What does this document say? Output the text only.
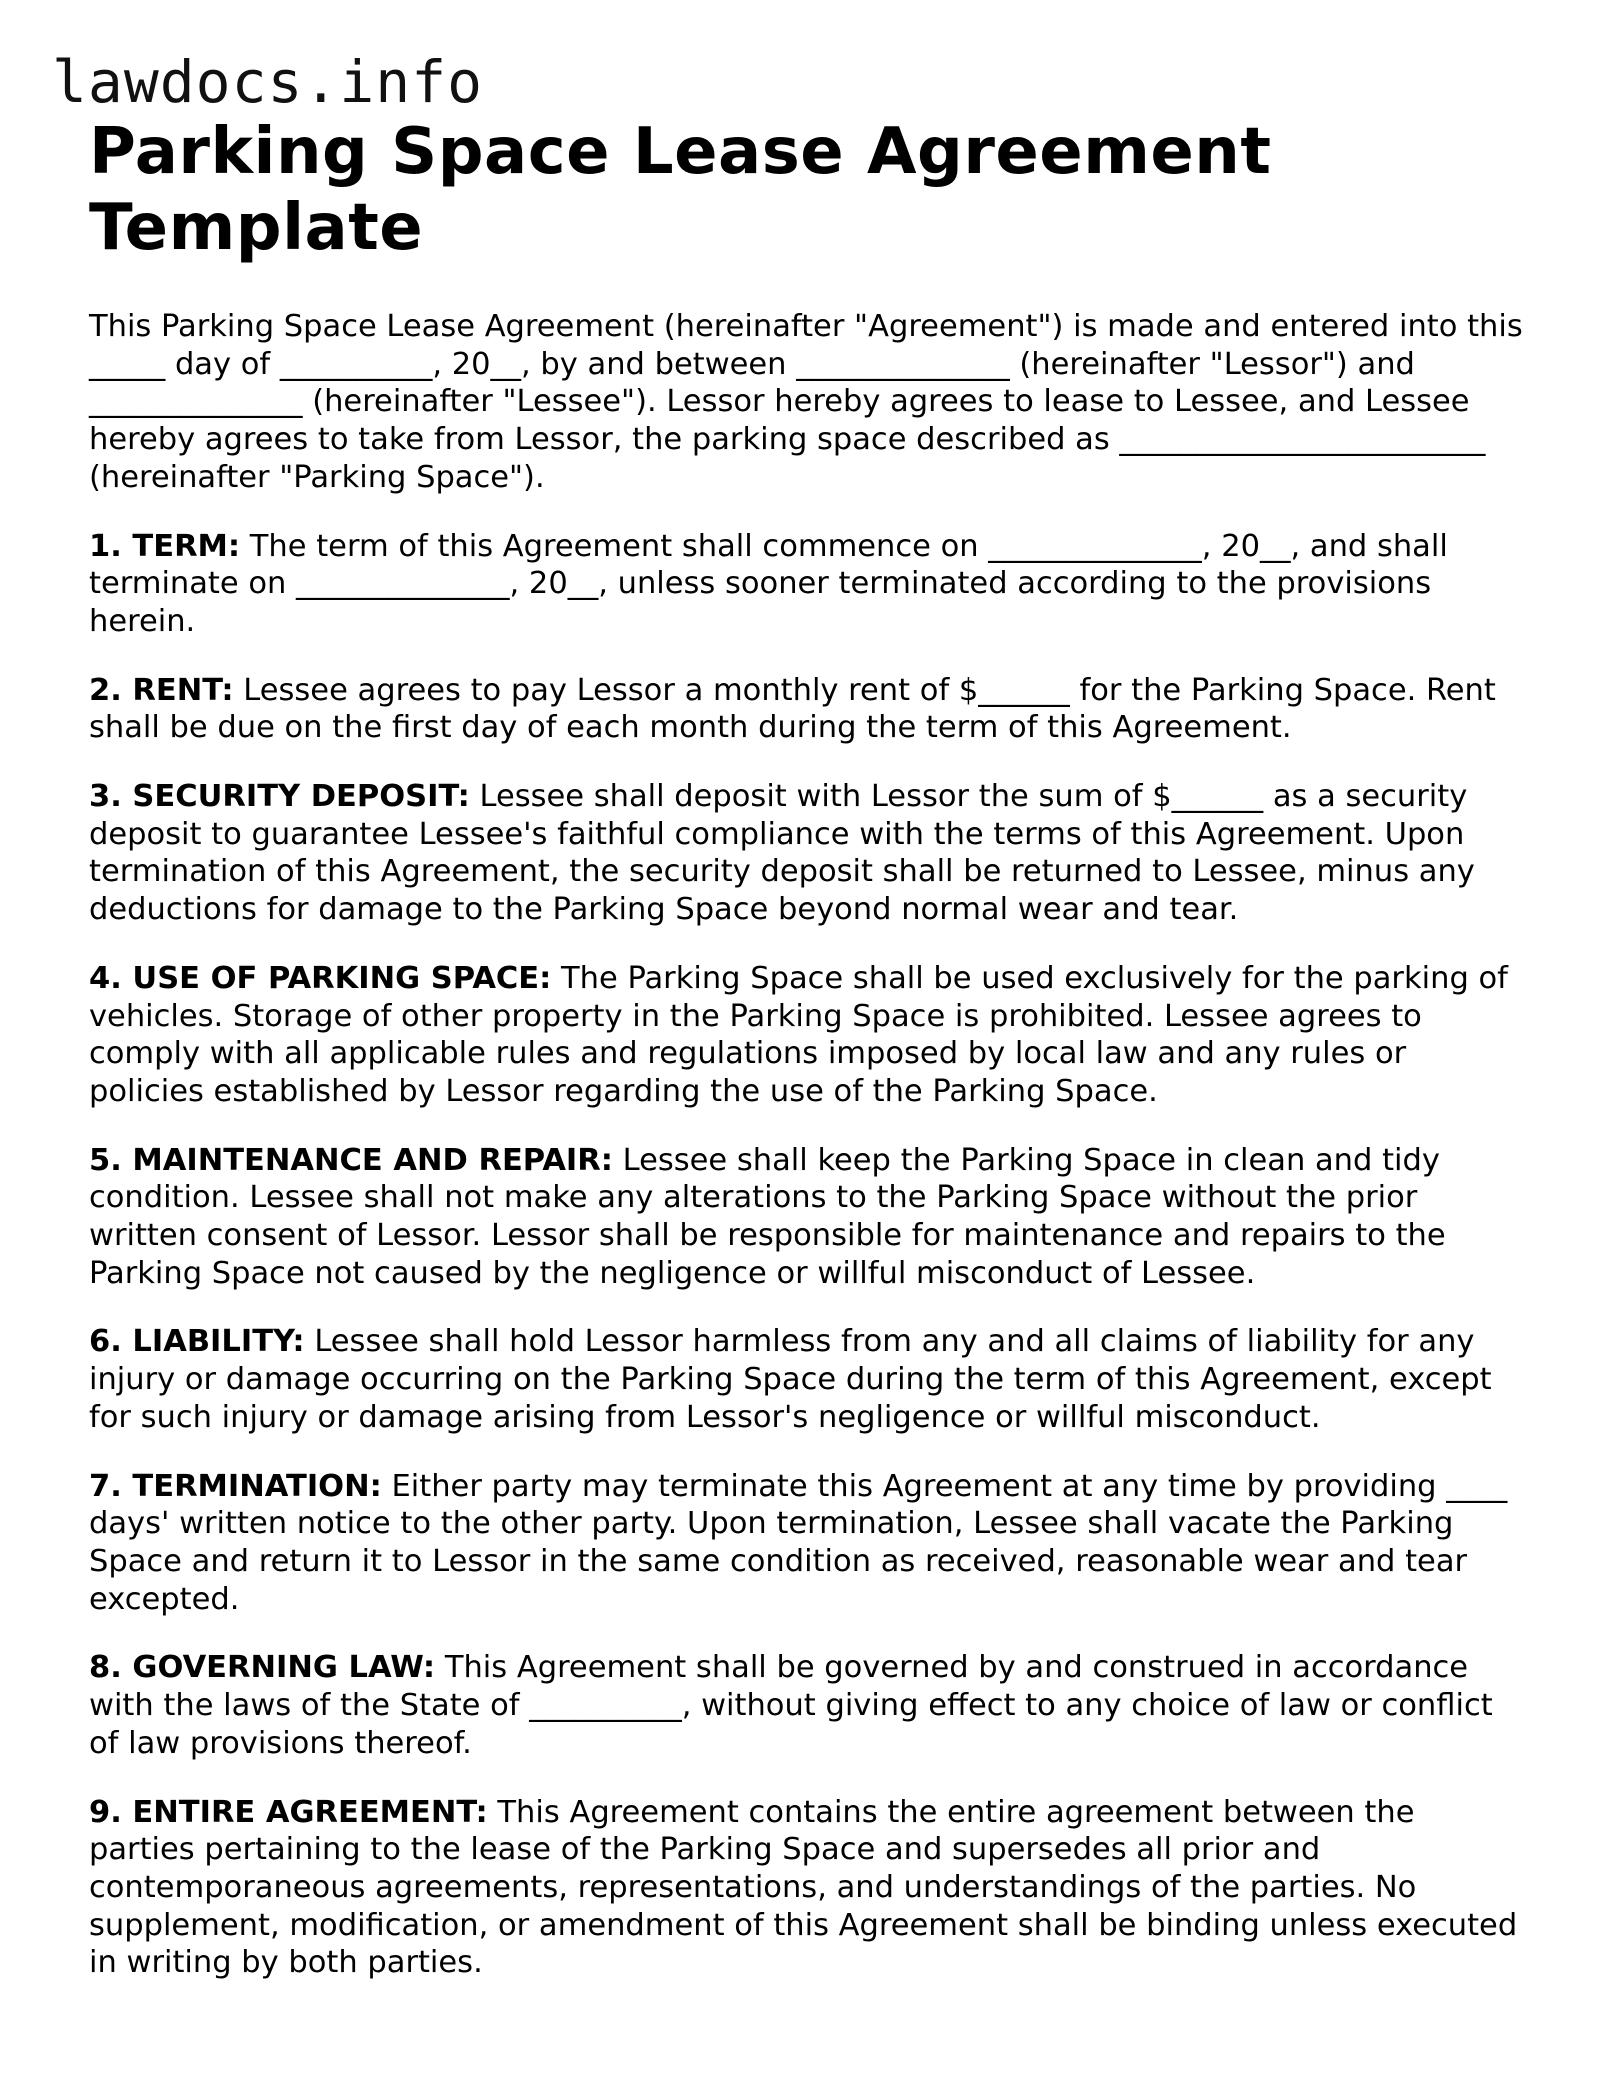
lawdocs.info
Parking Space Lease Agreement Template

This Parking Space Lease Agreement (hereinafter "Agreement") is made and entered into this _____ day of __________, 20__, by and between ______________ (hereinafter "Lessor") and ______________ (hereinafter "Lessee"). Lessor hereby agrees to lease to Lessee, and Lessee hereby agrees to take from Lessor, the parking space described as ________________________ (hereinafter "Parking Space").

1. TERM: The term of this Agreement shall commence on ______________, 20__, and shall terminate on ______________, 20__, unless sooner terminated according to the provisions herein.

2. RENT: Lessee agrees to pay Lessor a monthly rent of $______ for the Parking Space. Rent shall be due on the first day of each month during the term of this Agreement.

3. SECURITY DEPOSIT: Lessee shall deposit with Lessor the sum of $______ as a security deposit to guarantee Lessee's faithful compliance with the terms of this Agreement. Upon termination of this Agreement, the security deposit shall be returned to Lessee, minus any deductions for damage to the Parking Space beyond normal wear and tear.

4. USE OF PARKING SPACE: The Parking Space shall be used exclusively for the parking of vehicles. Storage of other property in the Parking Space is prohibited. Lessee agrees to comply with all applicable rules and regulations imposed by local law and any rules or policies established by Lessor regarding the use of the Parking Space.

5. MAINTENANCE AND REPAIR: Lessee shall keep the Parking Space in clean and tidy condition. Lessee shall not make any alterations to the Parking Space without the prior written consent of Lessor. Lessor shall be responsible for maintenance and repairs to the Parking Space not caused by the negligence or willful misconduct of Lessee.

6. LIABILITY: Lessee shall hold Lessor harmless from any and all claims of liability for any injury or damage occurring on the Parking Space during the term of this Agreement, except for such injury or damage arising from Lessor's negligence or willful misconduct.

7. TERMINATION: Either party may terminate this Agreement at any time by providing ____ days' written notice to the other party. Upon termination, Lessee shall vacate the Parking Space and return it to Lessor in the same condition as received, reasonable wear and tear excepted.

8. GOVERNING LAW: This Agreement shall be governed by and construed in accordance with the laws of the State of __________, without giving effect to any choice of law or conflict of law provisions thereof.

9. ENTIRE AGREEMENT: This Agreement contains the entire agreement between the parties pertaining to the lease of the Parking Space and supersedes all prior and contemporaneous agreements, representations, and understandings of the parties. No supplement, modification, or amendment of this Agreement shall be binding unless executed in writing by both parties.
